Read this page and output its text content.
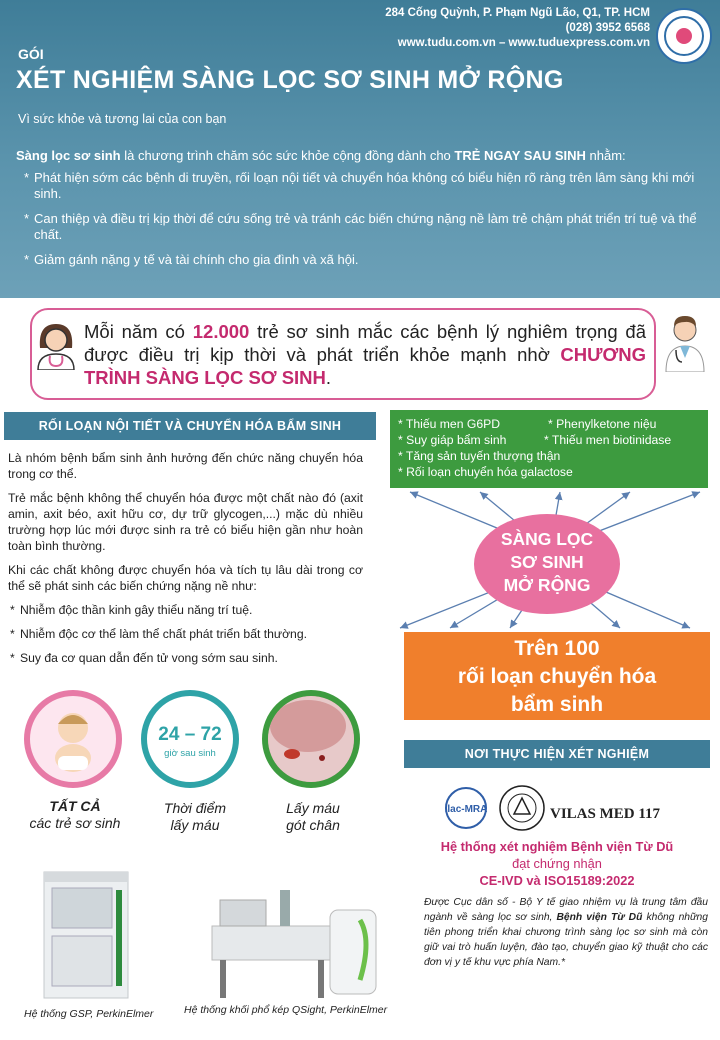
284 Cống Quỳnh, P. Phạm Ngũ Lão, Q1, TP. HCM
(028) 3952 6568
www.tudu.com.vn – www.tuduexpress.com.vn
GÓI
XÉT NGHIỆM SÀNG LỌC SƠ SINH MỞ RỘNG
Vì sức khỏe và tương lai của con bạn

Sàng lọc sơ sinh là chương trình chăm sóc sức khỏe cộng đồng dành cho TRẺ NGAY SAU SINH nhằm:

* Phát hiện sớm các bệnh di truyền, rối loạn nội tiết và chuyển hóa không có biểu hiện rõ ràng trên lâm sàng khi mới sinh.
* Can thiệp và điều trị kịp thời để cứu sống trẻ và tránh các biến chứng nặng nề làm trẻ chậm phát triển trí tuệ và thể chất.
* Giảm gánh nặng y tế và tài chính cho gia đình và xã hội.
Mỗi năm có 12.000 trẻ sơ sinh mắc các bệnh lý nghiêm trọng đã được điều trị kịp thời và phát triển khỏe mạnh nhờ CHƯƠNG TRÌNH SÀNG LỌC SƠ SINH.
RỐI LOẠN NỘI TIẾT VÀ CHUYỂN HÓA BẨM SINH

Là nhóm bệnh bẩm sinh ảnh hưởng đến chức năng chuyển hóa trong cơ thể.

Trẻ mắc bệnh không thể chuyển hóa được một chất nào đó (axit amin, axit béo, axit hữu cơ, dự trữ glycogen,...) mặc dù nhiều trường hợp lúc mới được sinh ra trẻ có biểu hiện gần như hoàn toàn bình thường.

Khi các chất không được chuyển hóa và tích tụ lâu dài trong cơ thể sẽ phát sinh các biến chứng nặng nề như:

* Nhiễm độc thần kinh gây thiểu năng trí tuệ.
* Nhiễm độc cơ thể làm thể chất phát triển bất thường.
* Suy đa cơ quan dẫn đến tử vong sớm sau sinh.
* Thiếu men G6PD	* Phenylketone niệu
* Suy giáp bẩm sinh	* Thiếu men biotinidase
* Tăng sản tuyến thượng thận
* Rối loạn chuyển hóa galactose
SÀNG LỌC
SƠ SINH
MỞ RỘNG
Trên 100
rối loạn chuyển hóa
bẩm sinh
TẤT CẢ
các trẻ sơ sinh
24 – 72
giờ sau sinh
Thời điểm
lấy máu
Lấy máu
gót chân
Hệ thống GSP, PerkinElmer	Hệ thống khối phổ kép QSight, PerkinElmer
NƠI THỰC HIỆN XÉT NGHIỆM
ilac-MRA	VILAS MED 117
Hệ thống xét nghiệm Bệnh viện Từ Dũ
đạt chứng nhận
CE-IVD và ISO15189:2022
Được Cục dân số - Bộ Y tế giao nhiệm vụ là trung tâm đầu ngành về sàng lọc sơ sinh, Bệnh viện Từ Dũ không những tiên phong triển khai chương trình sàng lọc sơ sinh mà còn giữ vai trò huấn luyện, đào tạo, chuyển giao kỹ thuật cho các đơn vị y tế khu vực phía Nam.*
